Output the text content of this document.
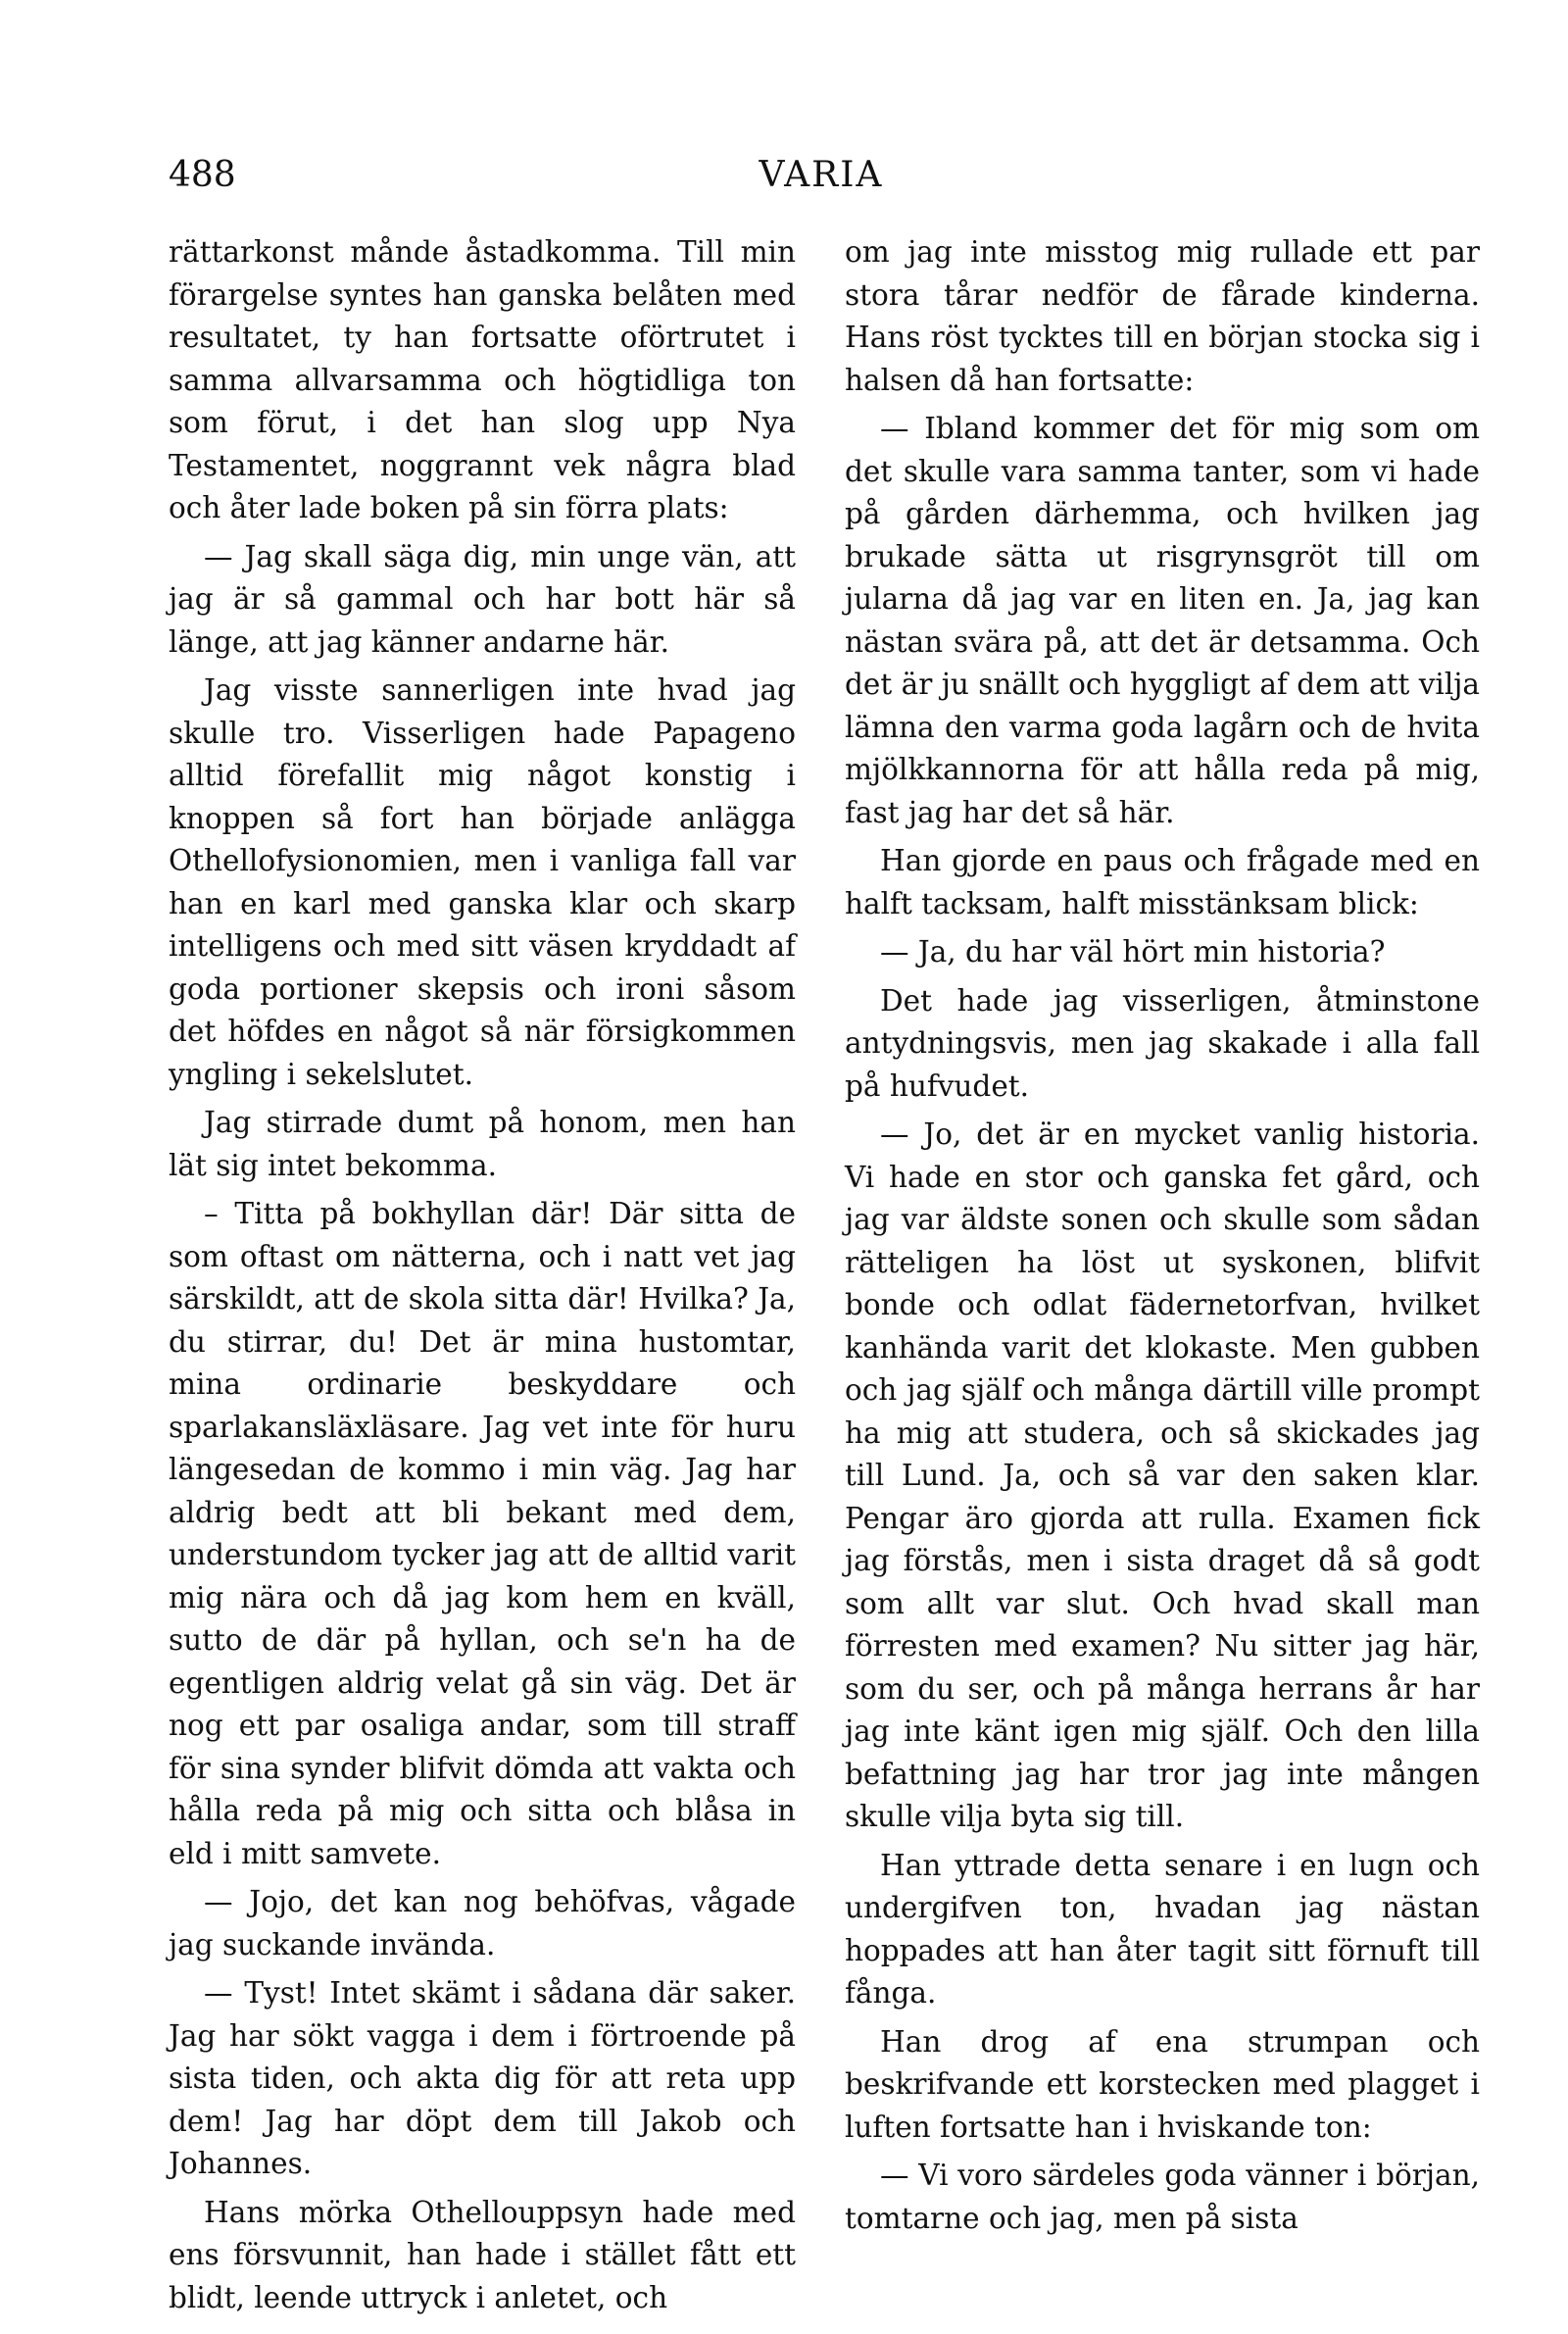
488	VARIA

rättarkonst månde åstadkomma. Till min förargelse syntes han ganska belåten med resultatet, ty han fortsatte oförtrutet i samma allvarsamma och högtidliga ton som förut, i det han slog upp Nya Testamentet, noggrannt vek några blad och åter lade boken på sin förra plats:

— Jag skall säga dig, min unge vän, att jag är så gammal och har bott här så länge, att jag känner andarne här.

Jag visste sannerligen inte hvad jag skulle tro. Visserligen hade Papageno alltid förefallit mig något konstig i knoppen så fort han började anlägga Othellofysionomien, men i vanliga fall var han en karl med ganska klar och skarp intelligens och med sitt väsen kryddadt af goda portioner skepsis och ironi såsom det höfdes en något så när försigkommen yngling i sekelslutet.

Jag stirrade dumt på honom, men han lät sig intet bekomma.

– Titta på bokhyllan där! Där sitta de som oftast om nätterna, och i natt vet jag särskildt, att de skola sitta där! Hvilka? Ja, du stirrar, du! Det är mina hustomtar, mina ordinarie beskyddare och sparlakansläxläsare. Jag vet inte för huru längesedan de kommo i min väg. Jag har aldrig bedt att bli bekant med dem, understundom tycker jag att de alltid varit mig nära och då jag kom hem en kväll, sutto de där på hyllan, och se'n ha de egentligen aldrig velat gå sin väg. Det är nog ett par osaliga andar, som till straff för sina synder blifvit dömda att vakta och hålla reda på mig och sitta och blåsa in eld i mitt samvete.

— Jojo, det kan nog behöfvas, vågade jag suckande invända.

— Tyst! Intet skämt i sådana där saker. Jag har sökt vagga i dem i förtroende på sista tiden, och akta dig för att reta upp dem! Jag har döpt dem till Jakob och Johannes.

Hans mörka Othellouppsyn hade med ens försvunnit, han hade i stället fått ett blidt, leende uttryck i anletet, och

om jag inte misstog mig rullade ett par stora tårar nedför de fårade kinderna. Hans röst tycktes till en början stocka sig i halsen då han fortsatte:

— Ibland kommer det för mig som om det skulle vara samma tanter, som vi hade på gården därhemma, och hvilken jag brukade sätta ut risgrynsgröt till om jularna då jag var en liten en. Ja, jag kan nästan svära på, att det är detsamma. Och det är ju snällt och hyggligt af dem att vilja lämna den varma goda lagårn och de hvita mjölkkannorna för att hålla reda på mig, fast jag har det så här.

Han gjorde en paus och frågade med en halft tacksam, halft misstänksam blick:

— Ja, du har väl hört min historia?

Det hade jag visserligen, åtminstone antydningsvis, men jag skakade i alla fall på hufvudet.

— Jo, det är en mycket vanlig historia. Vi hade en stor och ganska fet gård, och jag var äldste sonen och skulle som sådan rätteligen ha löst ut syskonen, blifvit bonde och odlat fädernetorfvan, hvilket kanhända varit det klokaste. Men gubben och jag själf och många därtill ville prompt ha mig att studera, och så skickades jag till Lund. Ja, och så var den saken klar. Pengar äro gjorda att rulla. Examen fick jag förstås, men i sista draget då så godt som allt var slut. Och hvad skall man förresten med examen? Nu sitter jag här, som du ser, och på många herrans år har jag inte känt igen mig själf. Och den lilla befattning jag har tror jag inte mången skulle vilja byta sig till.

Han yttrade detta senare i en lugn och undergifven ton, hvadan jag nästan hoppades att han åter tagit sitt förnuft till fånga.

Han drog af ena strumpan och beskrifvande ett korstecken med plagget i luften fortsatte han i hviskande ton:

— Vi voro särdeles goda vänner i början, tomtarne och jag, men på sista
